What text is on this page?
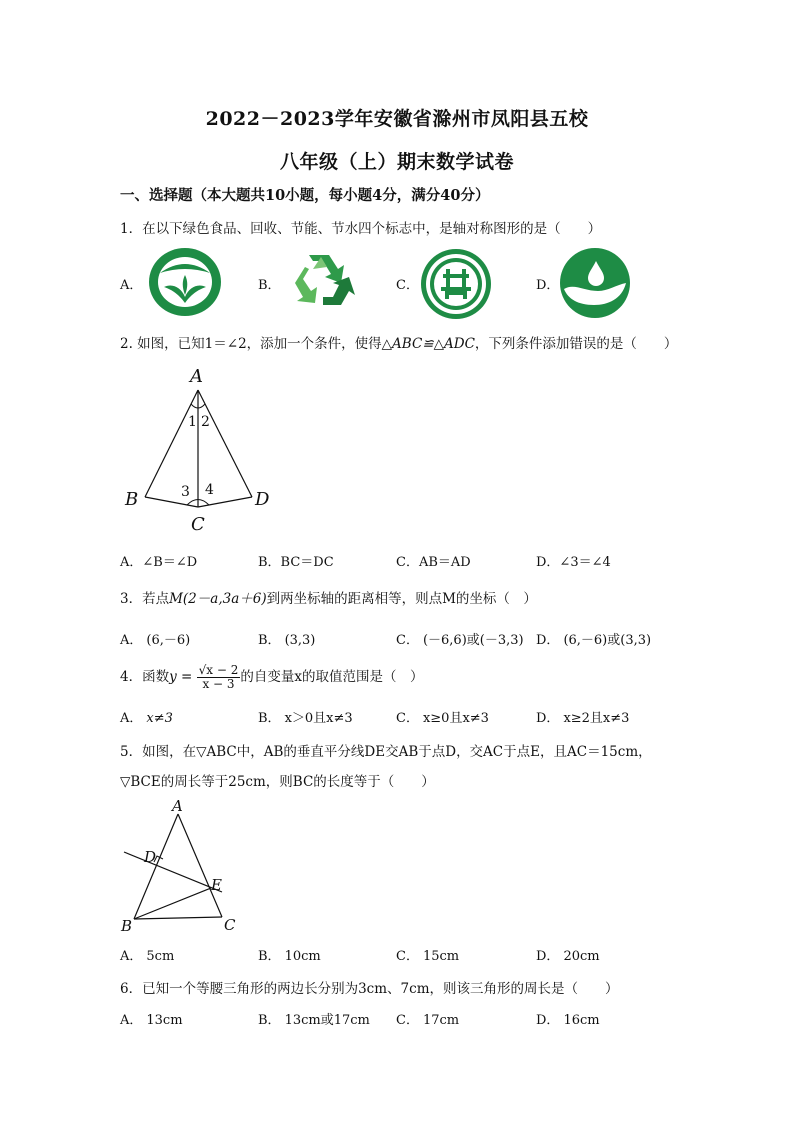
2022－2023学年安徽省滁州市凤阳县五校
八年级（上）期末数学试卷
一、选择题（本大题共10小题，每小题4分，满分40分）
1．在以下绿色食品、回收、节能、节水四个标志中，是轴对称图形的是（　　）
A．	B．	C．	D．
2. 如图，已知1＝∠2，添加一个条件，使得△ABC≌△ADC，下列条件添加错误的是（　　）
A
B
C
D
1 2
3 4
A．∠B＝∠D	B．BC＝DC	C．AB＝AD	D．∠3＝∠4
3．若点M(2－a,3a＋6)到两坐标轴的距离相等，则点M的坐标（　）
A． (6,－6)	B． (3,3)	C． (－6,6)或(－3,3) D． (6,－6)或(3,3)
4．函数$y = \frac{√x - 2}{x - 3}$ 的自变量x的取值范围是（　）
A． x≠3	B． x＞0且x≠3	C． x≥0且x≠3	D． x≥2且x≠3
5．如图，在▽ABC中，AB的垂直平分线DE交AB于点D，交AC于点E，且AC＝15cm，
▽BCE的周长等于25cm，则BC的长度等于（　　）
A
B	C
D
E
A． 5cm	B． 10cm	C． 15cm	D． 20cm
6．已知一个等腰三角形的两边长分别为3cm、7cm，则该三角形的周长是（　　）
A． 13cm	B． 13cm或17cm C． 17cm	D． 16cm
